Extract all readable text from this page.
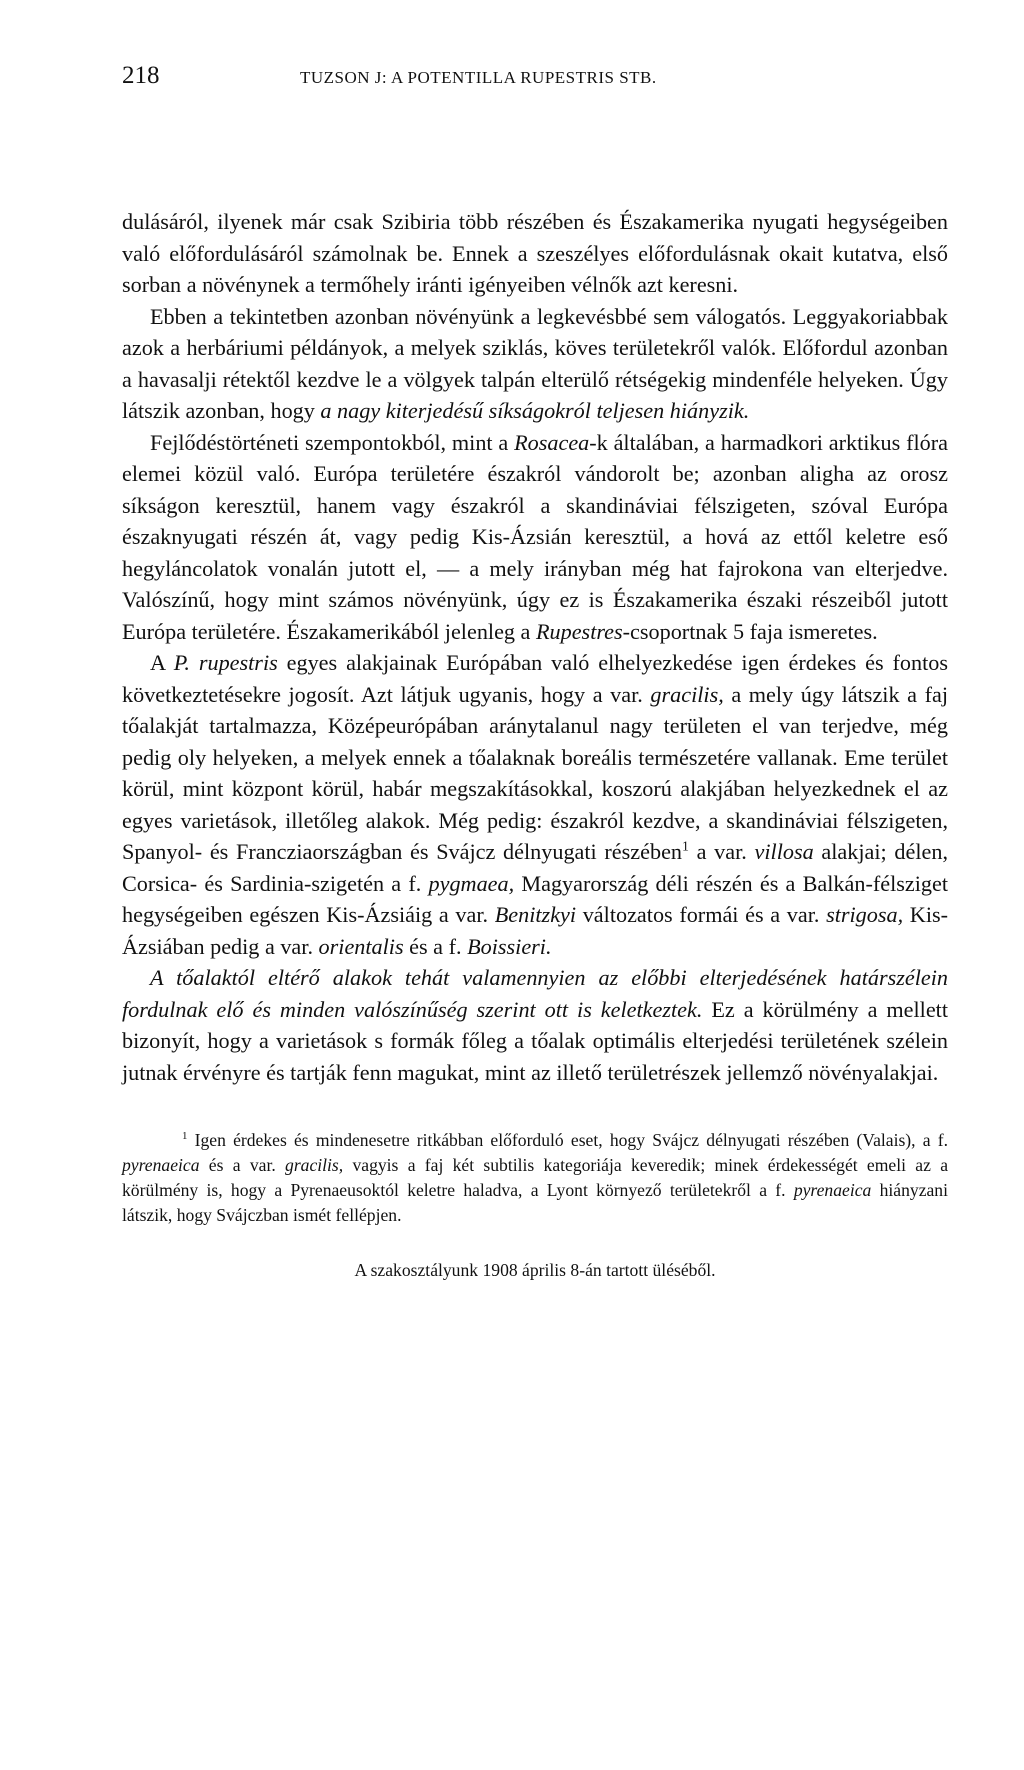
218	TUZSON J: A POTENTILLA RUPESTRIS STB.

dulásáról, ilyenek már csak Szibiria több részében és Északamerika nyugati hegységeiben való előfordulásáról számolnak be. Ennek a szeszélyes előfordulásnak okait kutatva, első sorban a növénynek a termőhely iránti igényeiben vélnők azt keresni.

Ebben a tekintetben azonban növényünk a legkevésbbé sem válogatós. Leggyakoriabbak azok a herbáriumi példányok, a melyek sziklás, köves területekről valók. Előfordul azonban a havasalji rétektől kezdve le a völgyek talpán elterülő rétségekig mindenféle helyeken. Úgy látszik azonban, hogy a nagy kiterjedésű síkságokról teljesen hiányzik.

Fejlődéstörténeti szempontokból, mint a Rosacea-k általában, a harmadkori arktikus flóra elemei közül való. Európa területére északról vándorolt be; azonban aligha az orosz síkságon keresztül, hanem vagy északról a skandináviai félszigeten, szóval Európa északnyugati részén át, vagy pedig Kis-Ázsián keresztül, a hová az ettől keletre eső hegyláncolatok vonalán jutott el, — a mely irányban még hat fajrokona van elterjedve. Valószínű, hogy mint számos növényünk, úgy ez is Északamerika északi részeiből jutott Európa területére. Északamerikából jelenleg a Rupestres-csoportnak 5 faja ismeretes.

A P. rupestris egyes alakjainak Európában való elhelyezkedése igen érdekes és fontos következtetésekre jogosít. Azt látjuk ugyanis, hogy a var. gracilis, a mely úgy látszik a faj tőalakját tartalmazza, Középeurópában aránytalanul nagy területen el van terjedve, még pedig oly helyeken, a melyek ennek a tőalaknak boreális természetére vallanak. Eme terület körül, mint központ körül, habár megszakításokkal, koszorú alakjában helyezkednek el az egyes varietások, illetőleg alakok. Még pedig: északról kezdve, a skandináviai félszigeten, Spanyol- és Francziaországban és Svájcz délnyugati részében$^1$ a var. villosa alakjai; délen, Corsica- és Sardinia-szigetén a f. pygmaea, Magyarország déli részén és a Balkán-félsziget hegységeiben egészen Kis-Ázsiáig a var. Benitzkyi változatos formái és a var. strigosa, Kis-Ázsiában pedig a var. orientalis és a f. Boissieri.

A tőalaktól eltérő alakok tehát valamennyien az előbbi elterjedésének határszélein fordulnak elő és minden valószínűség szerint ott is keletkeztek. Ez a körülmény a mellett bizonyít, hogy a varietások s formák főleg a tőalak optimális elterjedési területének szélein jutnak érvényre és tartják fenn magukat, mint az illető területrészek jellemző növényalakjai.

$^1$ Igen érdekes és mindenesetre ritkábban előforduló eset, hogy Svájcz délnyugati részében (Valais), a f. pyrenaeica és a var. gracilis, vagyis a faj két subtilis kategoriája keveredik; minek érdekességét emeli az a körülmény is, hogy a Pyrenaeusoktól keletre haladva, a Lyont környező területekről a f. pyrenaeica hiányzani látszik, hogy Svájczban ismét fellépjen.

A szakosztályunk 1908 április 8-án tartott üléséből.
